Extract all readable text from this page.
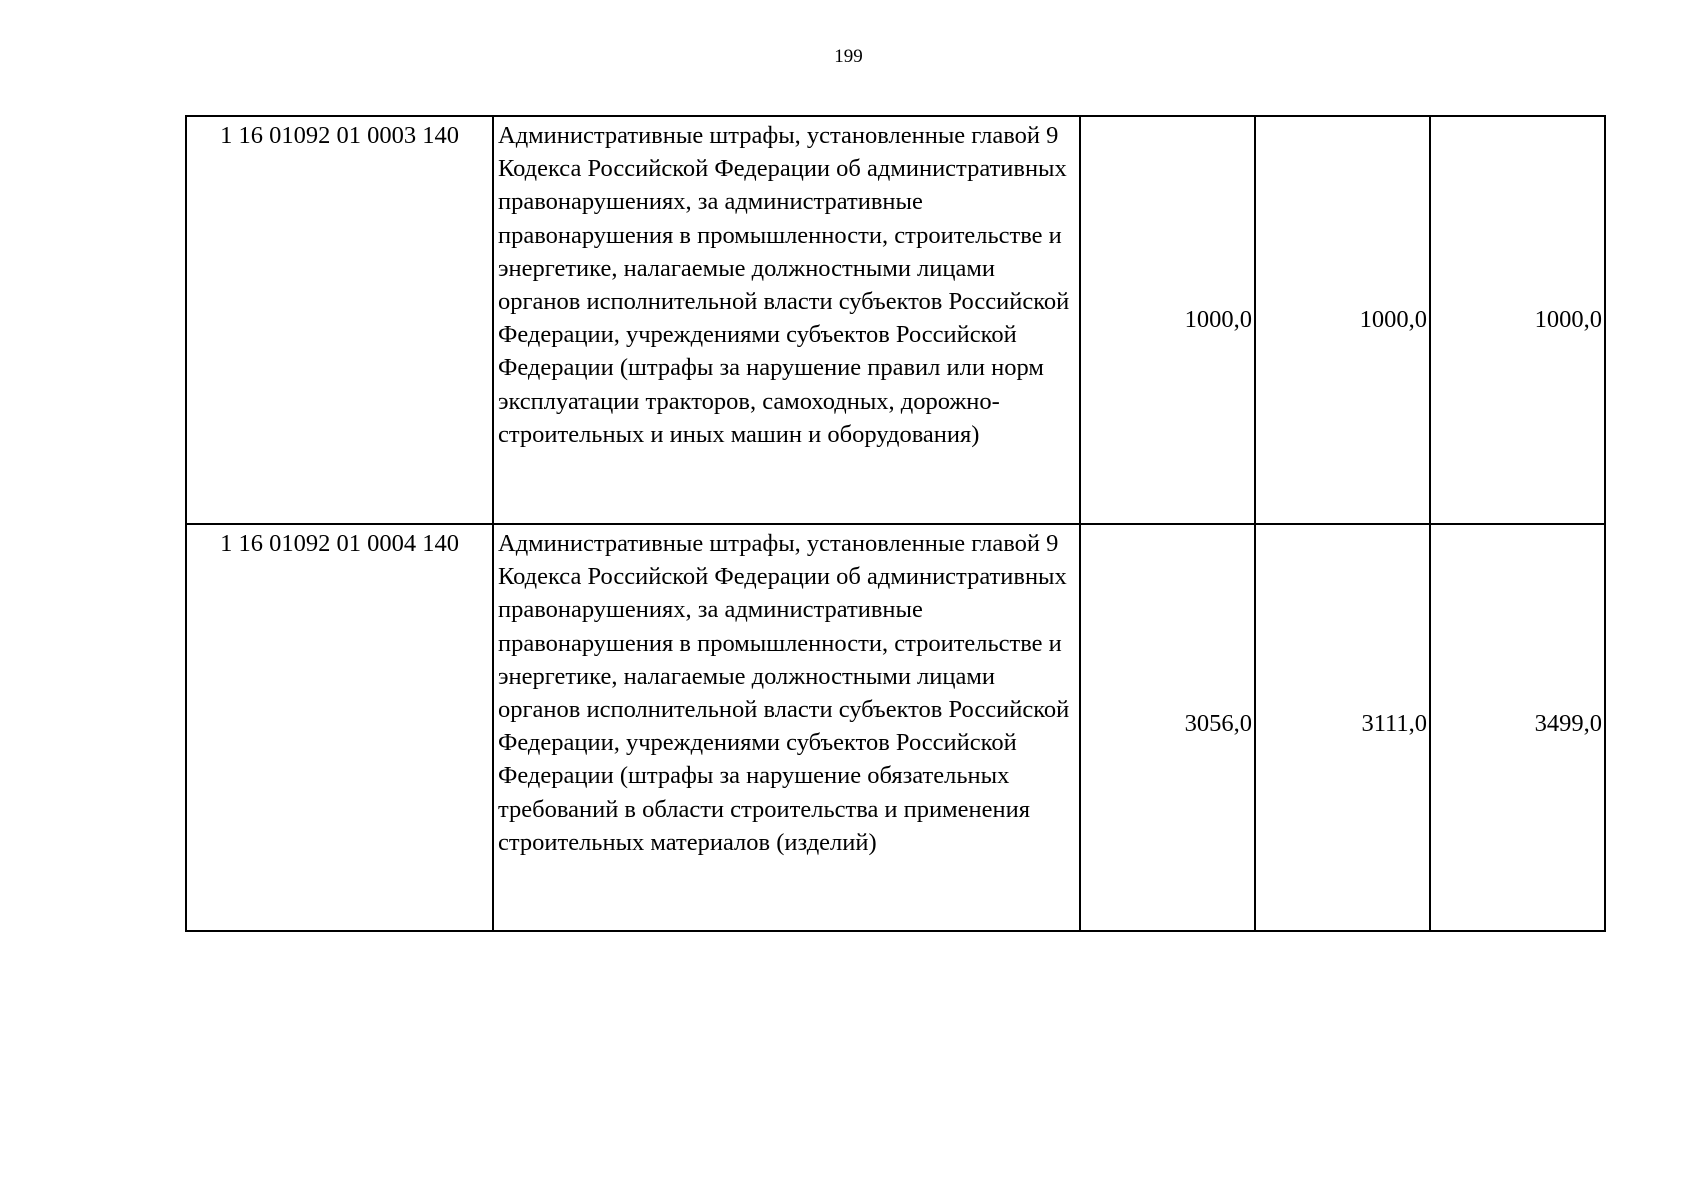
199
1 16 01092 01 0003 140	Административные штрафы, установленные главой 9 Кодекса Российской Федерации об административных правонарушениях, за административные правонарушения в промышленности, строительстве и энергетике, налагаемые должностными лицами органов исполнительной власти субъектов Российской Федерации, учреждениями субъектов Российской Федерации (штрафы за нарушение правил или норм эксплуатации тракторов, самоходных, дорожно-строительных и иных машин и оборудования)	1000,0	1000,0	1000,0
1 16 01092 01 0004 140	Административные штрафы, установленные главой 9 Кодекса Российской Федерации об административных правонарушениях, за административные правонарушения в промышленности, строительстве и энергетике, налагаемые должностными лицами органов исполнительной власти субъектов Российской Федерации, учреждениями субъектов Российской Федерации (штрафы за нарушение обязательных требований в области строительства и применения строительных материалов (изделий)	3056,0	3111,0	3499,0
